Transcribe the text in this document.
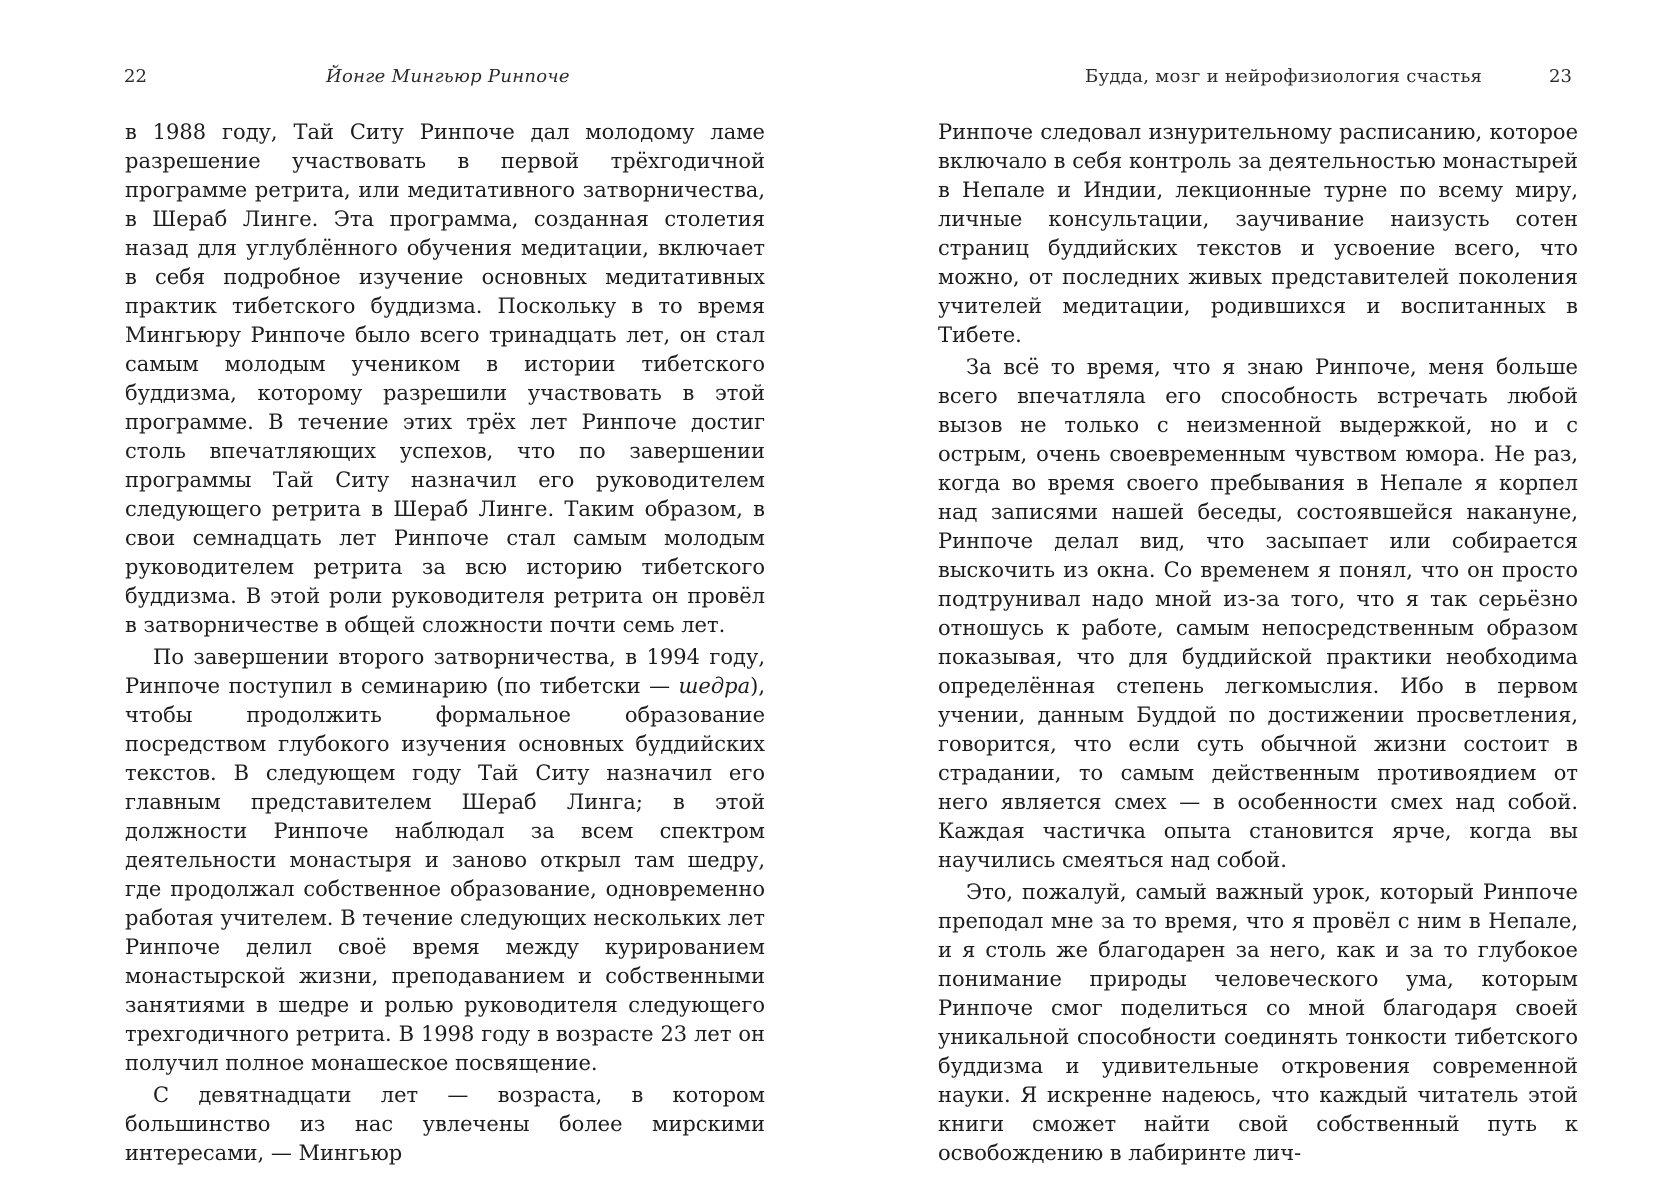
22	Йонге Мингьюр Ринпоче

в 1988 году, Тай Ситу Ринпоче дал молодому ламе разрешение участвовать в первой трёхгодичной программе ретрита, или медитативного затворничества, в Шераб Линге. Эта программа, созданная столетия назад для углублённого обучения медитации, включает в себя подробное изучение основных медитативных практик тибетского буддизма. Поскольку в то время Мингьюру Ринпоче было всего тринадцать лет, он стал самым молодым учеником в истории тибетского буддизма, которому разрешили участвовать в этой программе. В течение этих трёх лет Ринпоче достиг столь впечатляющих успехов, что по завершении программы Тай Ситу назначил его руководителем следующего ретрита в Шераб Линге. Таким образом, в свои семнадцать лет Ринпоче стал самым молодым руководителем ретрита за всю историю тибетского буддизма. В этой роли руководителя ретрита он провёл в затворничестве в общей сложности почти семь лет.

По завершении второго затворничества, в 1994 году, Ринпоче поступил в семинарию (по тибетски — шедра), чтобы продолжить формальное образование посредством глубокого изучения основных буддийских текстов. В следующем году Тай Ситу назначил его главным представителем Шераб Линга; в этой должности Ринпоче наблюдал за всем спектром деятельности монастыря и заново открыл там шедру, где продолжал собственное образование, одновременно работая учителем. В течение следующих нескольких лет Ринпоче делил своё время между курированием монастырской жизни, преподаванием и собственными занятиями в шедре и ролью руководителя следующего трехгодичного ретрита. В 1998 году в возрасте 23 лет он получил полное монашеское посвящение.

С девятнадцати лет — возраста, в котором большинство из нас увлечены более мирскими интересами, — Мингьюр

Будда, мозг и нейрофизиология счастья	23

Ринпоче следовал изнурительному расписанию, которое включало в себя контроль за деятельностью монастырей в Непале и Индии, лекционные турне по всему миру, личные консультации, заучивание наизусть сотен страниц буддийских текстов и усвоение всего, что можно, от последних живых представителей поколения учителей медитации, родившихся и воспитанных в Тибете.

За всё то время, что я знаю Ринпоче, меня больше всего впечатляла его способность встречать любой вызов не только с неизменной выдержкой, но и с острым, очень своевременным чувством юмора. Не раз, когда во время своего пребывания в Непале я корпел над записями нашей беседы, состоявшейся накануне, Ринпоче делал вид, что засыпает или собирается выскочить из окна. Со временем я понял, что он просто подтрунивал надо мной из-за того, что я так серьёзно отношусь к работе, самым непосредственным образом показывая, что для буддийской практики необходима определённая степень легкомыслия. Ибо в первом учении, данным Буддой по достижении просветления, говорится, что если суть обычной жизни состоит в страдании, то самым действенным противоядием от него является смех — в особенности смех над собой. Каждая частичка опыта становится ярче, когда вы научились смеяться над собой.

Это, пожалуй, самый важный урок, который Ринпоче преподал мне за то время, что я провёл с ним в Непале, и я столь же благодарен за него, как и за то глубокое понимание природы человеческого ума, которым Ринпоче смог поделиться со мной благодаря своей уникальной способности соединять тонкости тибетского буддизма и удивительные откровения современной науки. Я искренне надеюсь, что каждый читатель этой книги сможет найти свой собственный путь к освобождению в лабиринте лич-
